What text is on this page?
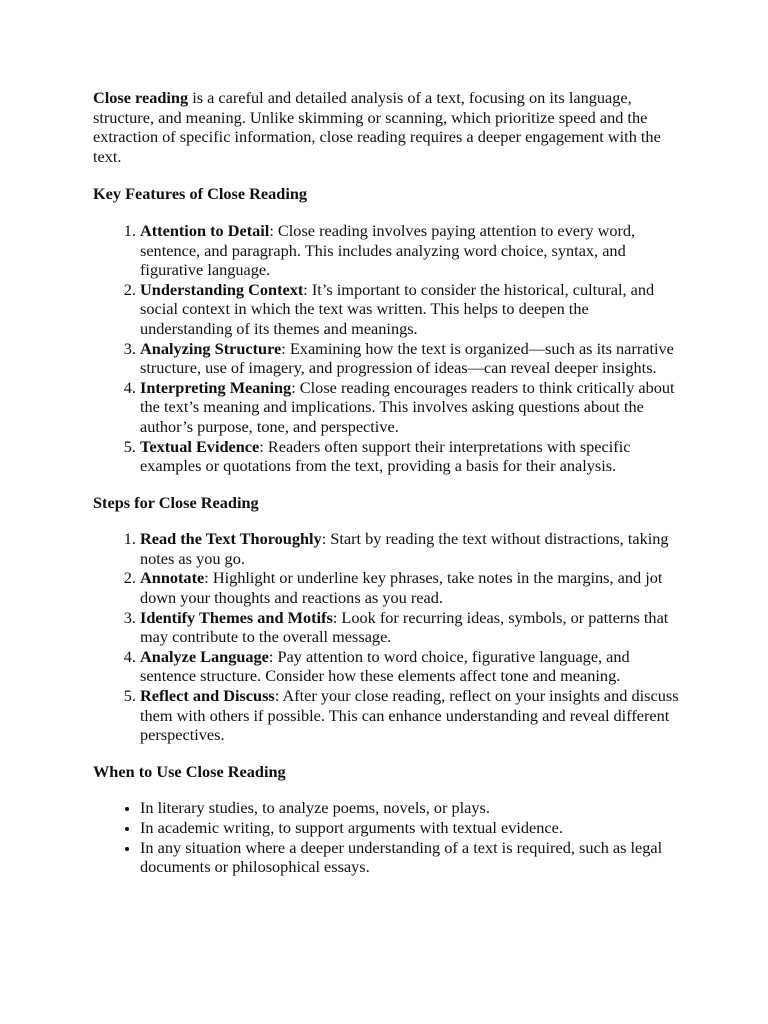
Close reading is a careful and detailed analysis of a text, focusing on its language, structure, and meaning. Unlike skimming or scanning, which prioritize speed and the extraction of specific information, close reading requires a deeper engagement with the text.

Key Features of Close Reading
1. Attention to Detail: Close reading involves paying attention to every word, sentence, and paragraph. This includes analyzing word choice, syntax, and figurative language.
2. Understanding Context: It’s important to consider the historical, cultural, and social context in which the text was written. This helps to deepen the understanding of its themes and meanings.
3. Analyzing Structure: Examining how the text is organized—such as its narrative structure, use of imagery, and progression of ideas—can reveal deeper insights.
4. Interpreting Meaning: Close reading encourages readers to think critically about the text’s meaning and implications. This involves asking questions about the author’s purpose, tone, and perspective.
5. Textual Evidence: Readers often support their interpretations with specific examples or quotations from the text, providing a basis for their analysis.
Steps for Close Reading
1. Read the Text Thoroughly: Start by reading the text without distractions, taking notes as you go.
2. Annotate: Highlight or underline key phrases, take notes in the margins, and jot down your thoughts and reactions as you read.
3. Identify Themes and Motifs: Look for recurring ideas, symbols, or patterns that may contribute to the overall message.
4. Analyze Language: Pay attention to word choice, figurative language, and sentence structure. Consider how these elements affect tone and meaning.
5. Reflect and Discuss: After your close reading, reflect on your insights and discuss them with others if possible. This can enhance understanding and reveal different perspectives.
When to Use Close Reading
• In literary studies, to analyze poems, novels, or plays.
• In academic writing, to support arguments with textual evidence.
• In any situation where a deeper understanding of a text is required, such as legal documents or philosophical essays.
